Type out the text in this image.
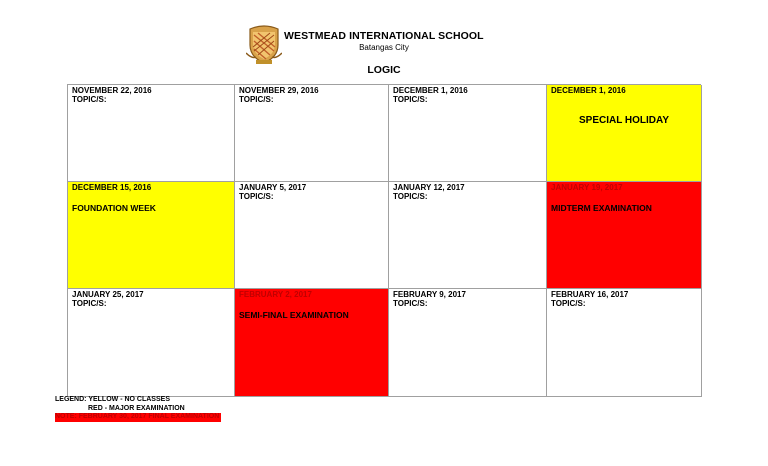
WESTMEAD INTERNATIONAL SCHOOL
Batangas City
LOGIC
NOVEMBER 22, 2016
TOPIC/S:
NOVEMBER 29, 2016
TOPIC/S:
DECEMBER 1, 2016
TOPIC/S:
DECEMBER 1, 2016
SPECIAL HOLIDAY
DECEMBER 15, 2016
FOUNDATION WEEK
JANUARY 5, 2017
TOPIC/S:
JANUARY 12, 2017
TOPIC/S:
JANUARY 19, 2017
MIDTERM EXAMINATION
JANUARY 25, 2017
TOPIC/S:
FEBRUARY 2, 2017
SEMI-FINAL EXAMINATION
FEBRUARY 9, 2017
TOPIC/S:
FEBRUARY 16, 2017
TOPIC/S:
LEGEND: YELLOW - NO CLASSES
RED - MAJOR EXAMINATION
NOTE: FEBRUARY 30, 2017 FINAL EXAMINATION
